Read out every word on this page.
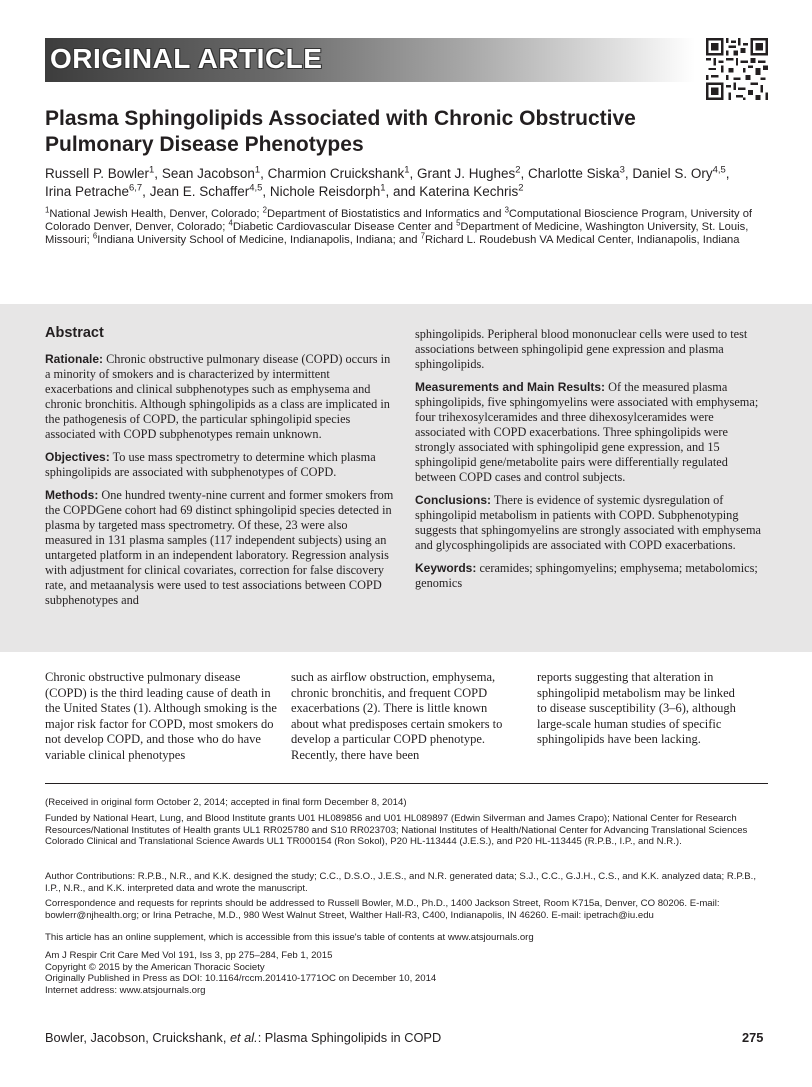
ORIGINAL ARTICLE
Plasma Sphingolipids Associated with Chronic Obstructive
Pulmonary Disease Phenotypes
Russell P. Bowler$^1$, Sean Jacobson$^1$, Charmion Cruickshank$^1$, Grant J. Hughes$^2$, Charlotte Siska$^3$, Daniel S. Ory$^{4,5}$,
Irina Petrache$^{6,7}$, Jean E. Schaffer$^{4,5}$, Nichole Reisdorph$^1$, and Katerina Kechris$^2$
$^1$National Jewish Health, Denver, Colorado; $^2$Department of Biostatistics and Informatics and $^3$Computational Bioscience Program, University of Colorado Denver, Denver, Colorado; $^4$Diabetic Cardiovascular Disease Center and $^5$Department of Medicine, Washington University, St. Louis, Missouri; $^6$Indiana University School of Medicine, Indianapolis, Indiana; and $^7$Richard L. Roudebush VA Medical Center, Indianapolis, Indiana
Abstract

Rationale: Chronic obstructive pulmonary disease (COPD) occurs in a minority of smokers and is characterized by intermittent exacerbations and clinical subphenotypes such as emphysema and chronic bronchitis. Although sphingolipids as a class are implicated in the pathogenesis of COPD, the particular sphingolipid species associated with COPD subphenotypes remain unknown.

Objectives: To use mass spectrometry to determine which plasma sphingolipids are associated with subphenotypes of COPD.

Methods: One hundred twenty-nine current and former smokers from the COPDGene cohort had 69 distinct sphingolipid species detected in plasma by targeted mass spectrometry. Of these, 23 were also measured in 131 plasma samples (117 independent subjects) using an untargeted platform in an independent laboratory. Regression analysis with adjustment for clinical covariates, correction for false discovery rate, and metaanalysis were used to test associations between COPD subphenotypes and

sphingolipids. Peripheral blood mononuclear cells were used to test associations between sphingolipid gene expression and plasma sphingolipids.

Measurements and Main Results: Of the measured plasma sphingolipids, five sphingomyelins were associated with emphysema; four trihexosylceramides and three dihexosylceramides were associated with COPD exacerbations. Three sphingolipids were strongly associated with sphingolipid gene expression, and 15 sphingolipid gene/metabolite pairs were differentially regulated between COPD cases and control subjects.

Conclusions: There is evidence of systemic dysregulation of sphingolipid metabolism in patients with COPD. Subphenotyping suggests that sphingomyelins are strongly associated with emphysema and glycosphingolipids are associated with COPD exacerbations.

Keywords: ceramides; sphingomyelins; emphysema; metabolomics; genomics

Chronic obstructive pulmonary disease (COPD) is the third leading cause of death in the United States (1). Although smoking is the major risk factor for COPD, most smokers do not develop COPD, and those who do have variable clinical phenotypes
such as airflow obstruction, emphysema, chronic bronchitis, and frequent COPD exacerbations (2). There is little known about what predisposes certain smokers to develop a particular COPD phenotype. Recently, there have been
reports suggesting that alteration in sphingolipid metabolism may be linked to disease susceptibility (3–6), although large-scale human studies of specific sphingolipids have been lacking.
(Received in original form October 2, 2014; accepted in final form December 8, 2014)
Funded by National Heart, Lung, and Blood Institute grants U01 HL089856 and U01 HL089897 (Edwin Silverman and James Crapo); National Center for Research Resources/National Institutes of Health grants UL1 RR025780 and S10 RR023703; National Institutes of Health/National Center for Advancing Translational Sciences Colorado Clinical and Translational Science Awards UL1 TR000154 (Ron Sokol), P20 HL-113444 (J.E.S.), and P20 HL-113445 (R.P.B., I.P., and N.R.).
Author Contributions: R.P.B., N.R., and K.K. designed the study; C.C., D.S.O., J.E.S., and N.R. generated data; S.J., C.C., G.J.H., C.S., and K.K. analyzed data; R.P.B., I.P., N.R., and K.K. interpreted data and wrote the manuscript.
Correspondence and requests for reprints should be addressed to Russell Bowler, M.D., Ph.D., 1400 Jackson Street, Room K715a, Denver, CO 80206. E-mail: bowlerr@njhealth.org; or Irina Petrache, M.D., 980 West Walnut Street, Walther Hall-R3, C400, Indianapolis, IN 46260. E-mail: ipetrach@iu.edu
This article has an online supplement, which is accessible from this issue's table of contents at www.atsjournals.org
Am J Respir Crit Care Med Vol 191, Iss 3, pp 275–284, Feb 1, 2015
Copyright © 2015 by the American Thoracic Society
Originally Published in Press as DOI: 10.1164/rccm.201410-1771OC on December 10, 2014
Internet address: www.atsjournals.org
Bowler, Jacobson, Cruickshank, et al.: Plasma Sphingolipids in COPD	275
